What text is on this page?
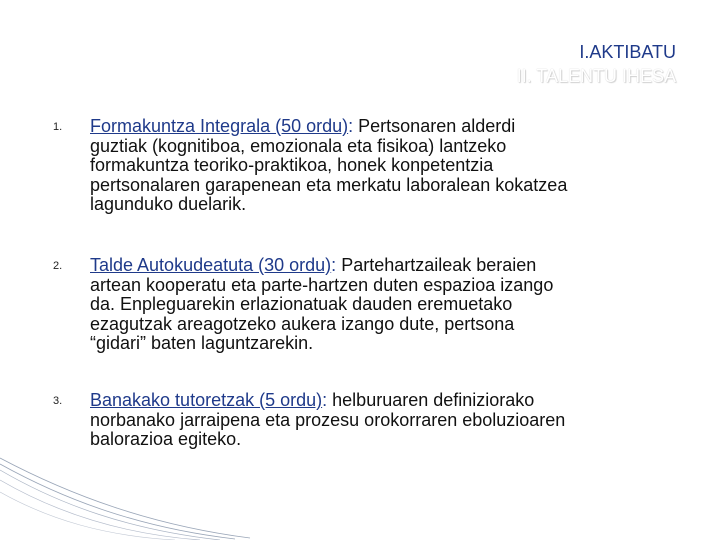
I.AKTIBATU
II. TALENTU IHESA
1. Formakuntza Integrala (50 ordu): Pertsonaren alderdi
guztiak (kognitiboa, emozionala eta fisikoa) lantzeko
formakuntza teoriko-praktikoa, honek konpetentzia
pertsonalaren garapenean eta merkatu laboralean kokatzea
lagunduko duelarik.
2. Talde Autokudeatuta (30 ordu): Partehartzaileak beraien
artean kooperatu eta parte-hartzen duten espazioa izango
da. Enpleguarekin erlazionatuak dauden eremuetako
ezagutzak areagotzeko aukera izango dute, pertsona
“gidari” baten laguntzarekin.
3. Banakako tutoretzak (5 ordu): helburuaren definiziorako
norbanako jarraipena eta prozesu orokorraren eboluzioaren
balorazioa egiteko.
